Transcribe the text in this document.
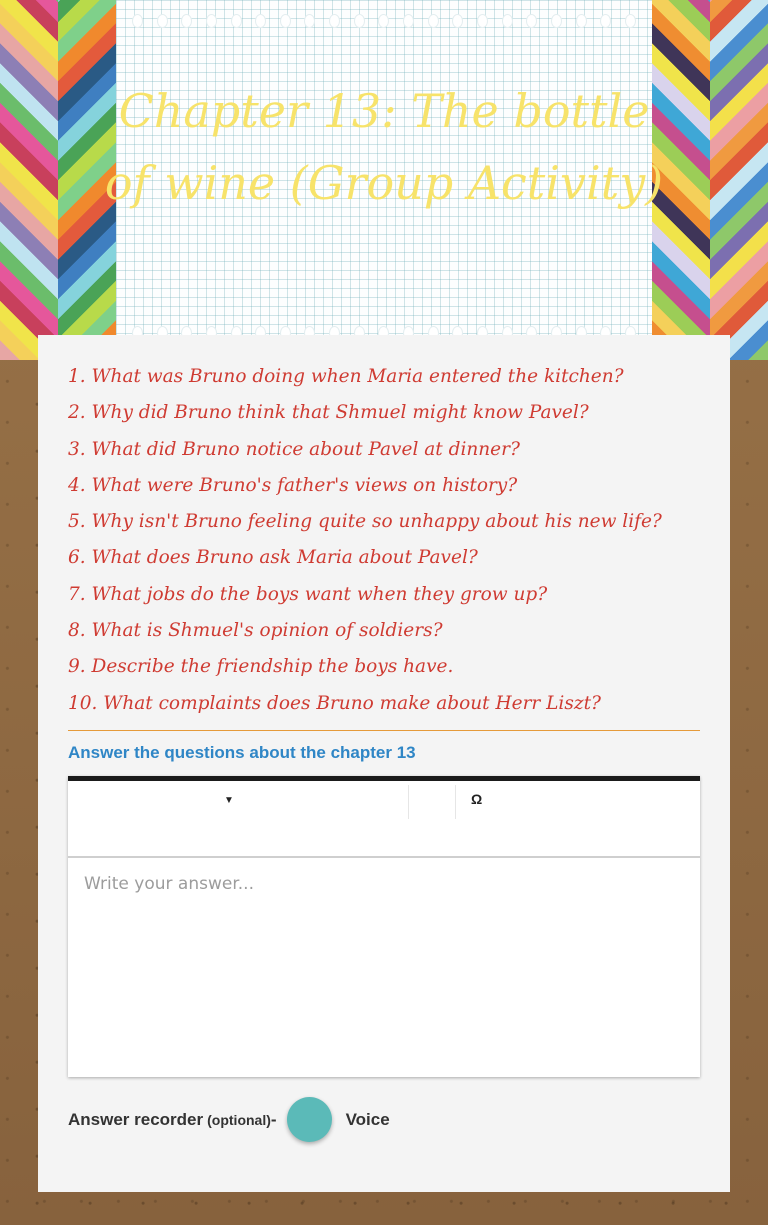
Chapter 13: The bottle of wine (Group Activity)
1. What was Bruno doing when Maria entered the kitchen?
2. Why did Bruno think that Shmuel might know Pavel?
3. What did Bruno notice about Pavel at dinner?
4. What were Bruno's father's views on history?
5. Why isn't Bruno feeling quite so unhappy about his new life?
6. What does Bruno ask Maria about Pavel?
7. What jobs do the boys want when they grow up?
8. What is Shmuel's opinion of soldiers?
9. Describe the friendship the boys have.
10. What complaints does Bruno make about Herr Liszt?
Answer the questions about the chapter 13
▼	Ω
Write your answer...
Answer recorder (optional) -	Voice
